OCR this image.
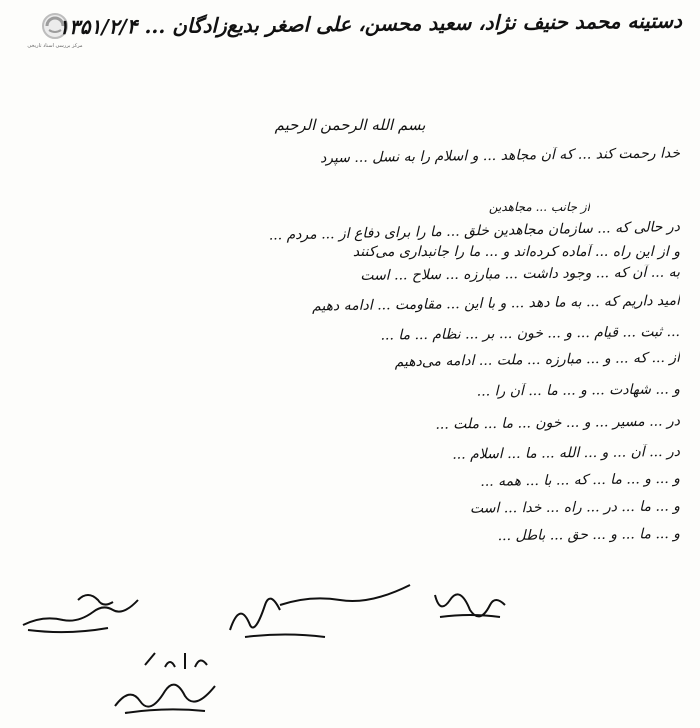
مرکز بررسی اسناد تاریخی
دستینه محمد حنیف نژاد، سعید محسن، علی اصغر بدیع‌زادگان ... ۱۳۵۱/۲/۴
بسم الله الرحمن الرحیم
خدا رحمت کند ... که آن مجاهد ... و اسلام را به نسل ... سپرد
از جانب ... مجاهدین
در حالی که ... سازمان مجاهدین خلق ... ما را برای دفاع از ... مردم ...
و از این راه ... آماده کرده‌اند و ... ما را جانبداری می‌کنند
به ... آن که ... وجود داشت ... مبارزه ... سلاح ... است
امید داریم که ... به ما دهد ... و با این ... مقاومت ... ادامه دهیم
... ثبت ... قیام ... و ... خون ... بر ... نظام ... ما ...
از ... که ... و ... مبارزه ... ملت ... ادامه می‌دهیم
و ... شهادت ... و ... ما ... آن را ...
در ... مسیر ... و ... خون ... ما ... ملت ...
در ... آن ... و ... الله ... ما ... اسلام ...
و ... و ... ما ... که ... با ... همه ...
و ... ما ... در ... راه ... خدا ... است
و ... ما ... و ... حق ... باطل ...
